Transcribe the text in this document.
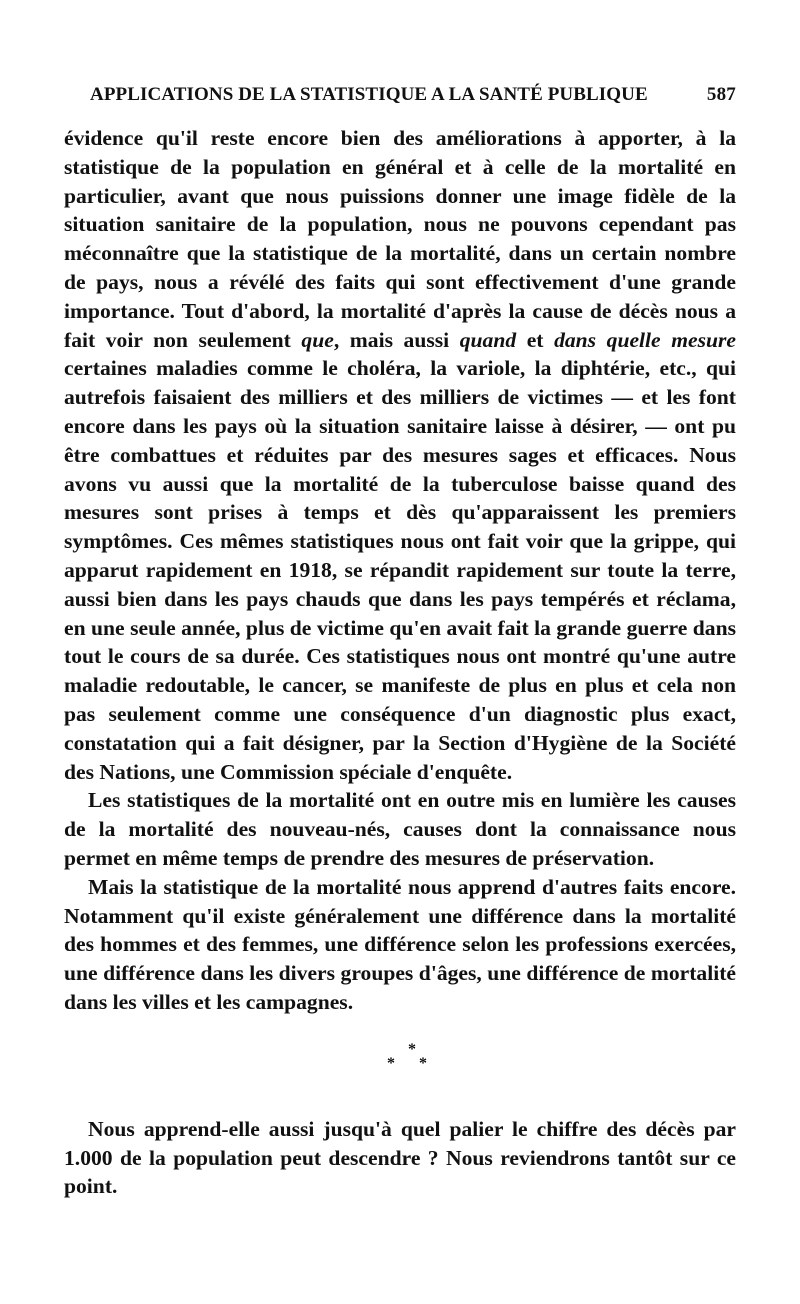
APPLICATIONS DE LA STATISTIQUE A LA SANTÉ PUBLIQUE	587

évidence qu'il reste encore bien des améliorations à apporter, à la statistique de la population en général et à celle de la mortalité en particulier, avant que nous puissions donner une image fidèle de la situation sanitaire de la population, nous ne pouvons cependant pas méconnaître que la statistique de la mortalité, dans un certain nombre de pays, nous a révélé des faits qui sont effectivement d'une grande importance. Tout d'abord, la mortalité d'après la cause de décès nous a fait voir non seulement que, mais aussi quand et dans quelle mesure certaines maladies comme le choléra, la variole, la diphtérie, etc., qui autrefois faisaient des milliers et des milliers de victimes — et les font encore dans les pays où la situation sanitaire laisse à désirer, — ont pu être combattues et réduites par des mesures sages et efficaces. Nous avons vu aussi que la mortalité de la tuberculose baisse quand des mesures sont prises à temps et dès qu'apparaissent les premiers symptômes. Ces mêmes statistiques nous ont fait voir que la grippe, qui apparut rapidement en 1918, se répandit rapidement sur toute la terre, aussi bien dans les pays chauds que dans les pays tempérés et réclama, en une seule année, plus de victime qu'en avait fait la grande guerre dans tout le cours de sa durée. Ces statistiques nous ont montré qu'une autre maladie redoutable, le cancer, se manifeste de plus en plus et cela non pas seulement comme une conséquence d'un diagnostic plus exact, constatation qui a fait désigner, par la Section d'Hygiène de la Société des Nations, une Commission spéciale d'enquête.

Les statistiques de la mortalité ont en outre mis en lumière les causes de la mortalité des nouveau-nés, causes dont la connaissance nous permet en même temps de prendre des mesures de préservation.

Mais la statistique de la mortalité nous apprend d'autres faits encore. Notamment qu'il existe généralement une différence dans la mortalité des hommes et des femmes, une différence selon les professions exercées, une différence dans les divers groupes d'âges, une différence de mortalité dans les villes et les campagnes.

*
* *

Nous apprend-elle aussi jusqu'à quel palier le chiffre des décès par 1.000 de la population peut descendre ? Nous reviendrons tantôt sur ce point.
